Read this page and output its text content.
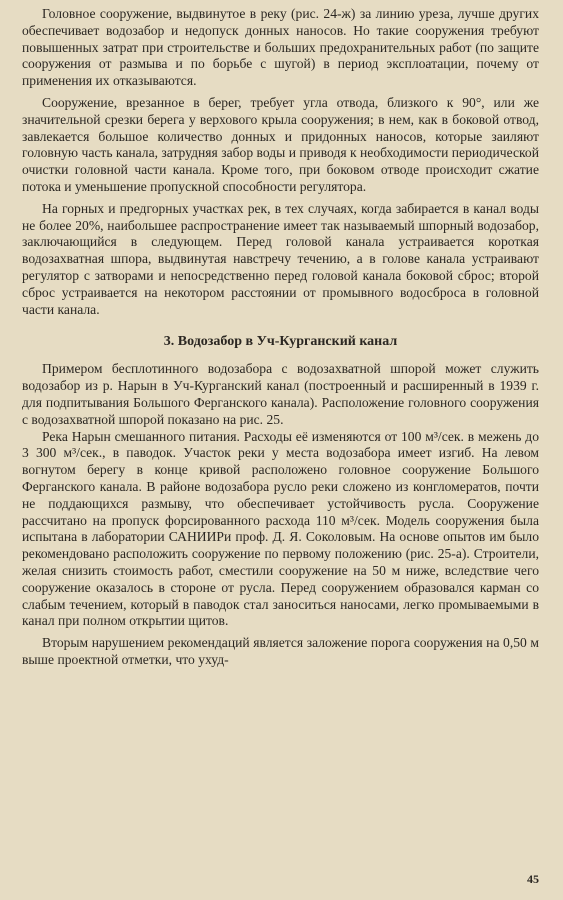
Головное сооружение, выдвинутое в реку (рис. 24-ж) за линию уреза, лучше других обеспечивает водозабор и недопуск донных наносов. Но такие сооружения требуют повышенных затрат при строительстве и больших предохранительных работ (по защите сооружения от размыва и по борьбе с шугой) в период эксплоатации, почему от применения их отказываются.

Сооружение, врезанное в берег, требует угла отвода, близкого к 90°, или же значительной срезки берега у верхового крыла сооружения; в нем, как в боковой отвод, завлекается большое количество донных и придонных наносов, которые заиляют головную часть канала, затрудняя забор воды и приводя к необходимости периодической очистки головной части канала. Кроме того, при боковом отводе происходит сжатие потока и уменьшение пропускной способности регулятора.

На горных и предгорных участках рек, в тех случаях, когда забирается в канал воды не более 20%, наибольшее распространение имеет так называемый шпорный водозабор, заключающийся в следующем. Перед головой канала устраивается короткая водозахватная шпора, выдвинутая навстречу течению, а в голове канала устраивают регулятор с затворами и непосредственно перед головой канала боковой сброс; второй сброс устраивается на некотором расстоянии от промывного водосброса в головной части канала.

3. Водозабор в Уч-Курганский канал

Примером бесплотинного водозабора с водозахватной шпорой может служить водозабор из р. Нарын в Уч-Курганский канал (построенный и расширенный в 1939 г. для подпитывания Большого Ферганского канала). Расположение головного сооружения с водозахватной шпорой показано на рис. 25.

Река Нарын смешанного питания. Расходы её изменяются от 100 м³/сек. в межень до 3 300 м³/сек., в паводок. Участок реки у места водозабора имеет изгиб. На левом вогнутом берегу в конце кривой расположено головное сооружение Большого Ферганского канала. В районе водозабора русло реки сложено из конгломератов, почти не поддающихся размыву, что обеспечивает устойчивость русла. Сооружение рассчитано на пропуск форсированного расхода 110 м³/сек. Модель сооружения была испытана в лаборатории САНИИРи проф. Д. Я. Соколовым. На основе опытов им было рекомендовано расположить сооружение по первому положению (рис. 25-а). Строители, желая снизить стоимость работ, сместили сооружение на 50 м ниже, вследствие чего сооружение оказалось в стороне от русла. Перед сооружением образовался карман со слабым течением, который в паводок стал заноситься наносами, легко промываемыми в канал при полном открытии щитов.

Вторым нарушением рекомендаций является заложение порога сооружения на 0,50 м выше проектной отметки, что ухуд-

45
